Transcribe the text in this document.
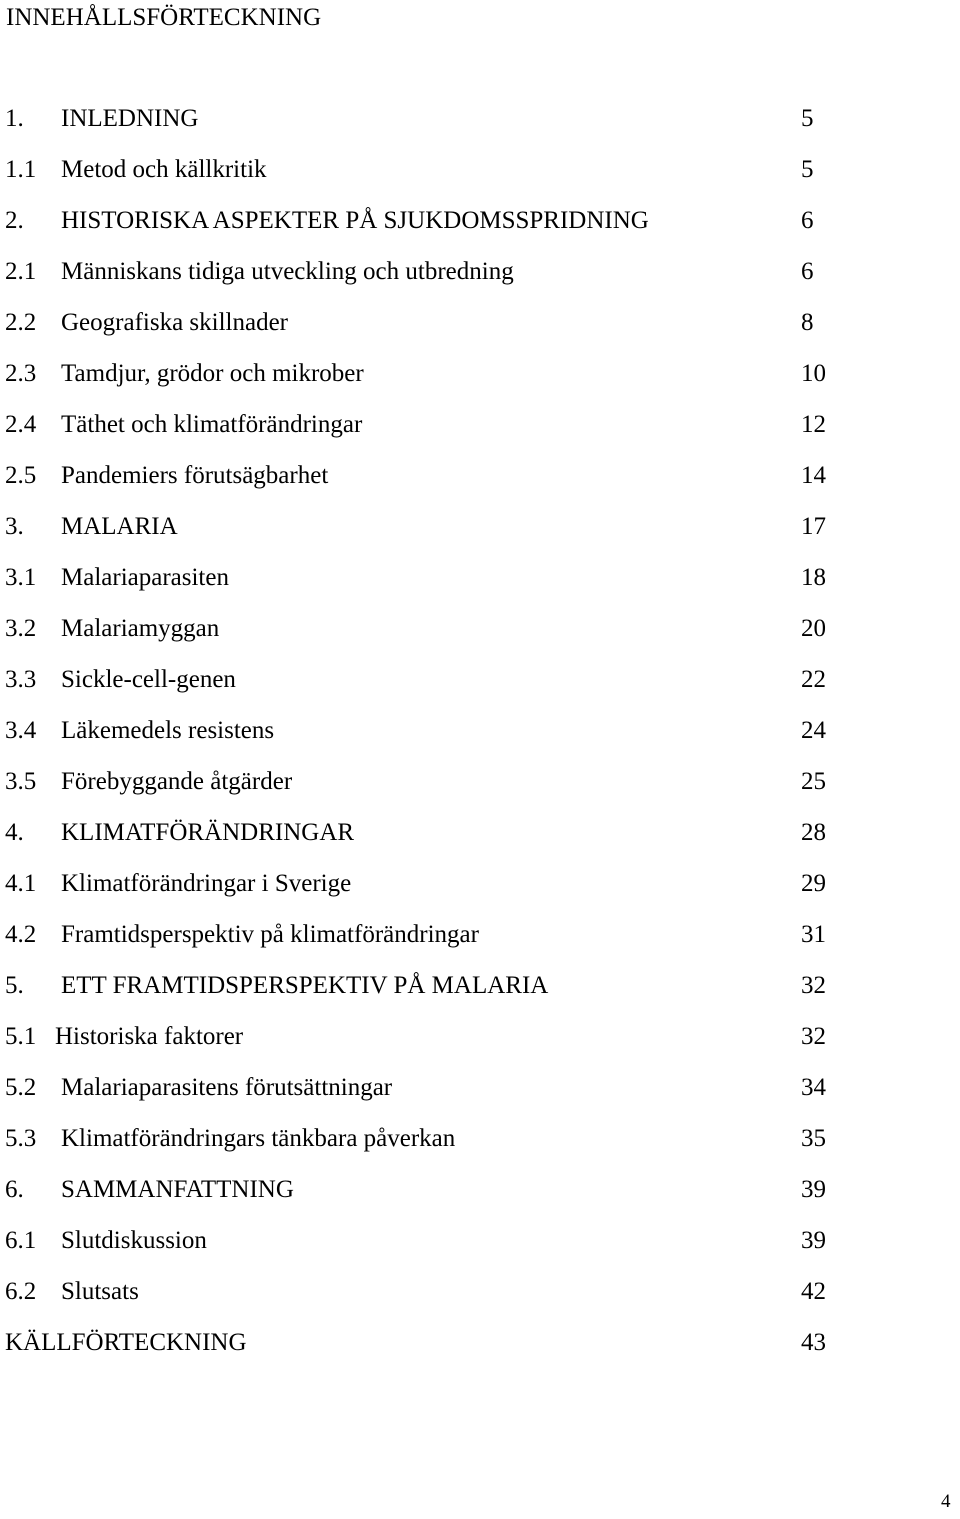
INNEHÅLLSFÖRTECKNING
1. INLEDNING	5
1.1 Metod och källkritik	5
2. HISTORISKA ASPEKTER PÅ SJUKDOMSSPRIDNING	6
2.1 Människans tidiga utveckling och utbredning	6
2.2 Geografiska skillnader	8
2.3 Tamdjur, grödor och mikrober	10
2.4 Täthet och klimatförändringar	12
2.5 Pandemiers förutsägbarhet	14
3. MALARIA	17
3.1 Malariaparasiten	18
3.2 Malariamyggan	20
3.3 Sickle-cell-genen	22
3.4 Läkemedels resistens	24
3.5 Förebyggande åtgärder	25
4. KLIMATFÖRÄNDRINGAR	28
4.1 Klimatförändringar i Sverige	29
4.2 Framtidsperspektiv på klimatförändringar	31
5. ETT FRAMTIDSPERSPEKTIV PÅ MALARIA	32
5.1 Historiska faktorer	32
5.2 Malariaparasitens förutsättningar	34
5.3 Klimatförändringars tänkbara påverkan	35
6. SAMMANFATTNING	39
6.1 Slutdiskussion	39
6.2 Slutsats	42
KÄLLFÖRTECKNING	43
4
